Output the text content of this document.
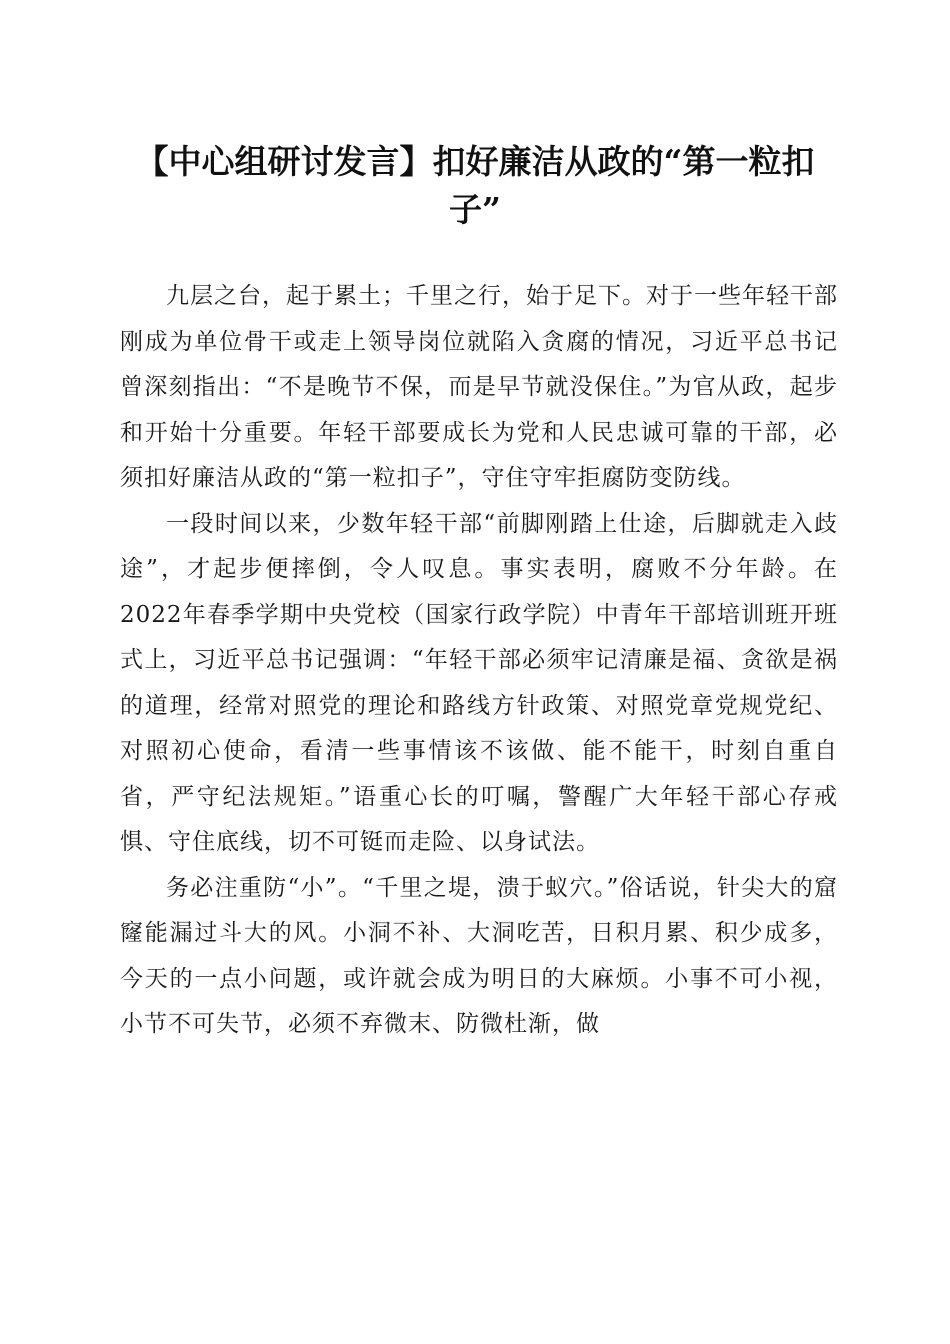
【中心组研讨发言】扣好廉洁从政的“第一粒扣子”

九层之台，起于累土；千里之行，始于足下。对于一些年轻干部刚成为单位骨干或走上领导岗位就陷入贪腐的情况，习近平总书记曾深刻指出：“不是晚节不保，而是早节就没保住。”为官从政，起步和开始十分重要。年轻干部要成长为党和人民忠诚可靠的干部，必须扣好廉洁从政的“第一粒扣子”，守住守牢拒腐防变防线。

一段时间以来，少数年轻干部“前脚刚踏上仕途，后脚就走入歧途”，才起步便摔倒，令人叹息。事实表明，腐败不分年龄。在2022年春季学期中央党校（国家行政学院）中青年干部培训班开班式上，习近平总书记强调：“年轻干部必须牢记清廉是福、贪欲是祸的道理，经常对照党的理论和路线方针政策、对照党章党规党纪、对照初心使命，看清一些事情该不该做、能不能干，时刻自重自省，严守纪法规矩。”语重心长的叮嘱，警醒广大年轻干部心存戒惧、守住底线，切不可铤而走险、以身试法。

务必注重防“小”。“千里之堤，溃于蚁穴。”俗话说，针尖大的窟窿能漏过斗大的风。小洞不补、大洞吃苦，日积月累、积少成多，今天的一点小问题，或许就会成为明日的大麻烦。小事不可小视，小节不可失节，必须不弃微末、防微杜渐，做
